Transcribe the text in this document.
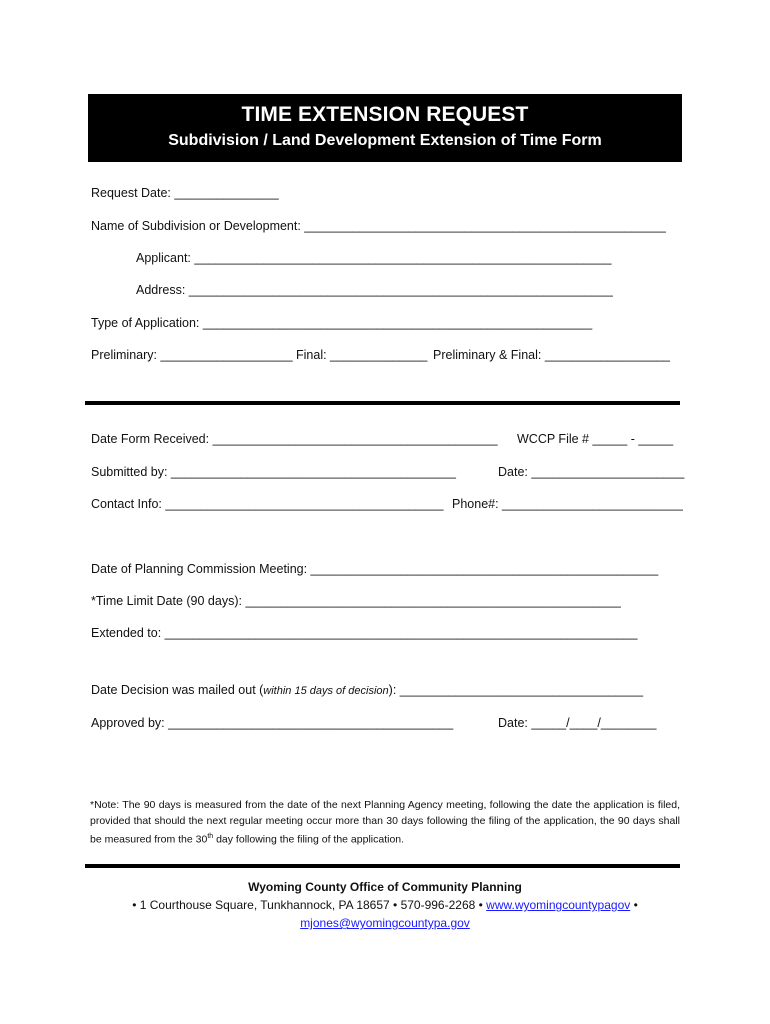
TIME EXTENSION REQUEST
Subdivision / Land Development Extension of Time Form
Request Date: _______________
Name of Subdivision or Development: ____________________________________________________
Applicant: ____________________________________________________________
Address: _____________________________________________________________
Type of Application: ________________________________________________________
Preliminary: ___________________ Final: ______________ Preliminary & Final: __________________
Date Form Received: _________________________________________ WCCP File # _____ - _____
Submitted by: _________________________________________	Date: ______________________
Contact Info: ________________________________________ Phone#: __________________________
Date of Planning Commission Meeting: __________________________________________________
*Time Limit Date (90 days): ______________________________________________________
Extended to: ____________________________________________________________________
Date Decision was mailed out (within 15 days of decision): ___________________________________
Approved by: _________________________________________	Date: _____/____/________
*Note: The 90 days is measured from the date of the next Planning Agency meeting, following the date the application is filed, provided that should the next regular meeting occur more than 30 days following the filing of the application, the 90 days shall be measured from the 30th day following the filing of the application.
Wyoming County Office of Community Planning
• 1 Courthouse Square, Tunkhannock, PA 18657 • 570-996-2268 • www.wyomingcountypagov •
mjones@wyomingcountypa.gov
